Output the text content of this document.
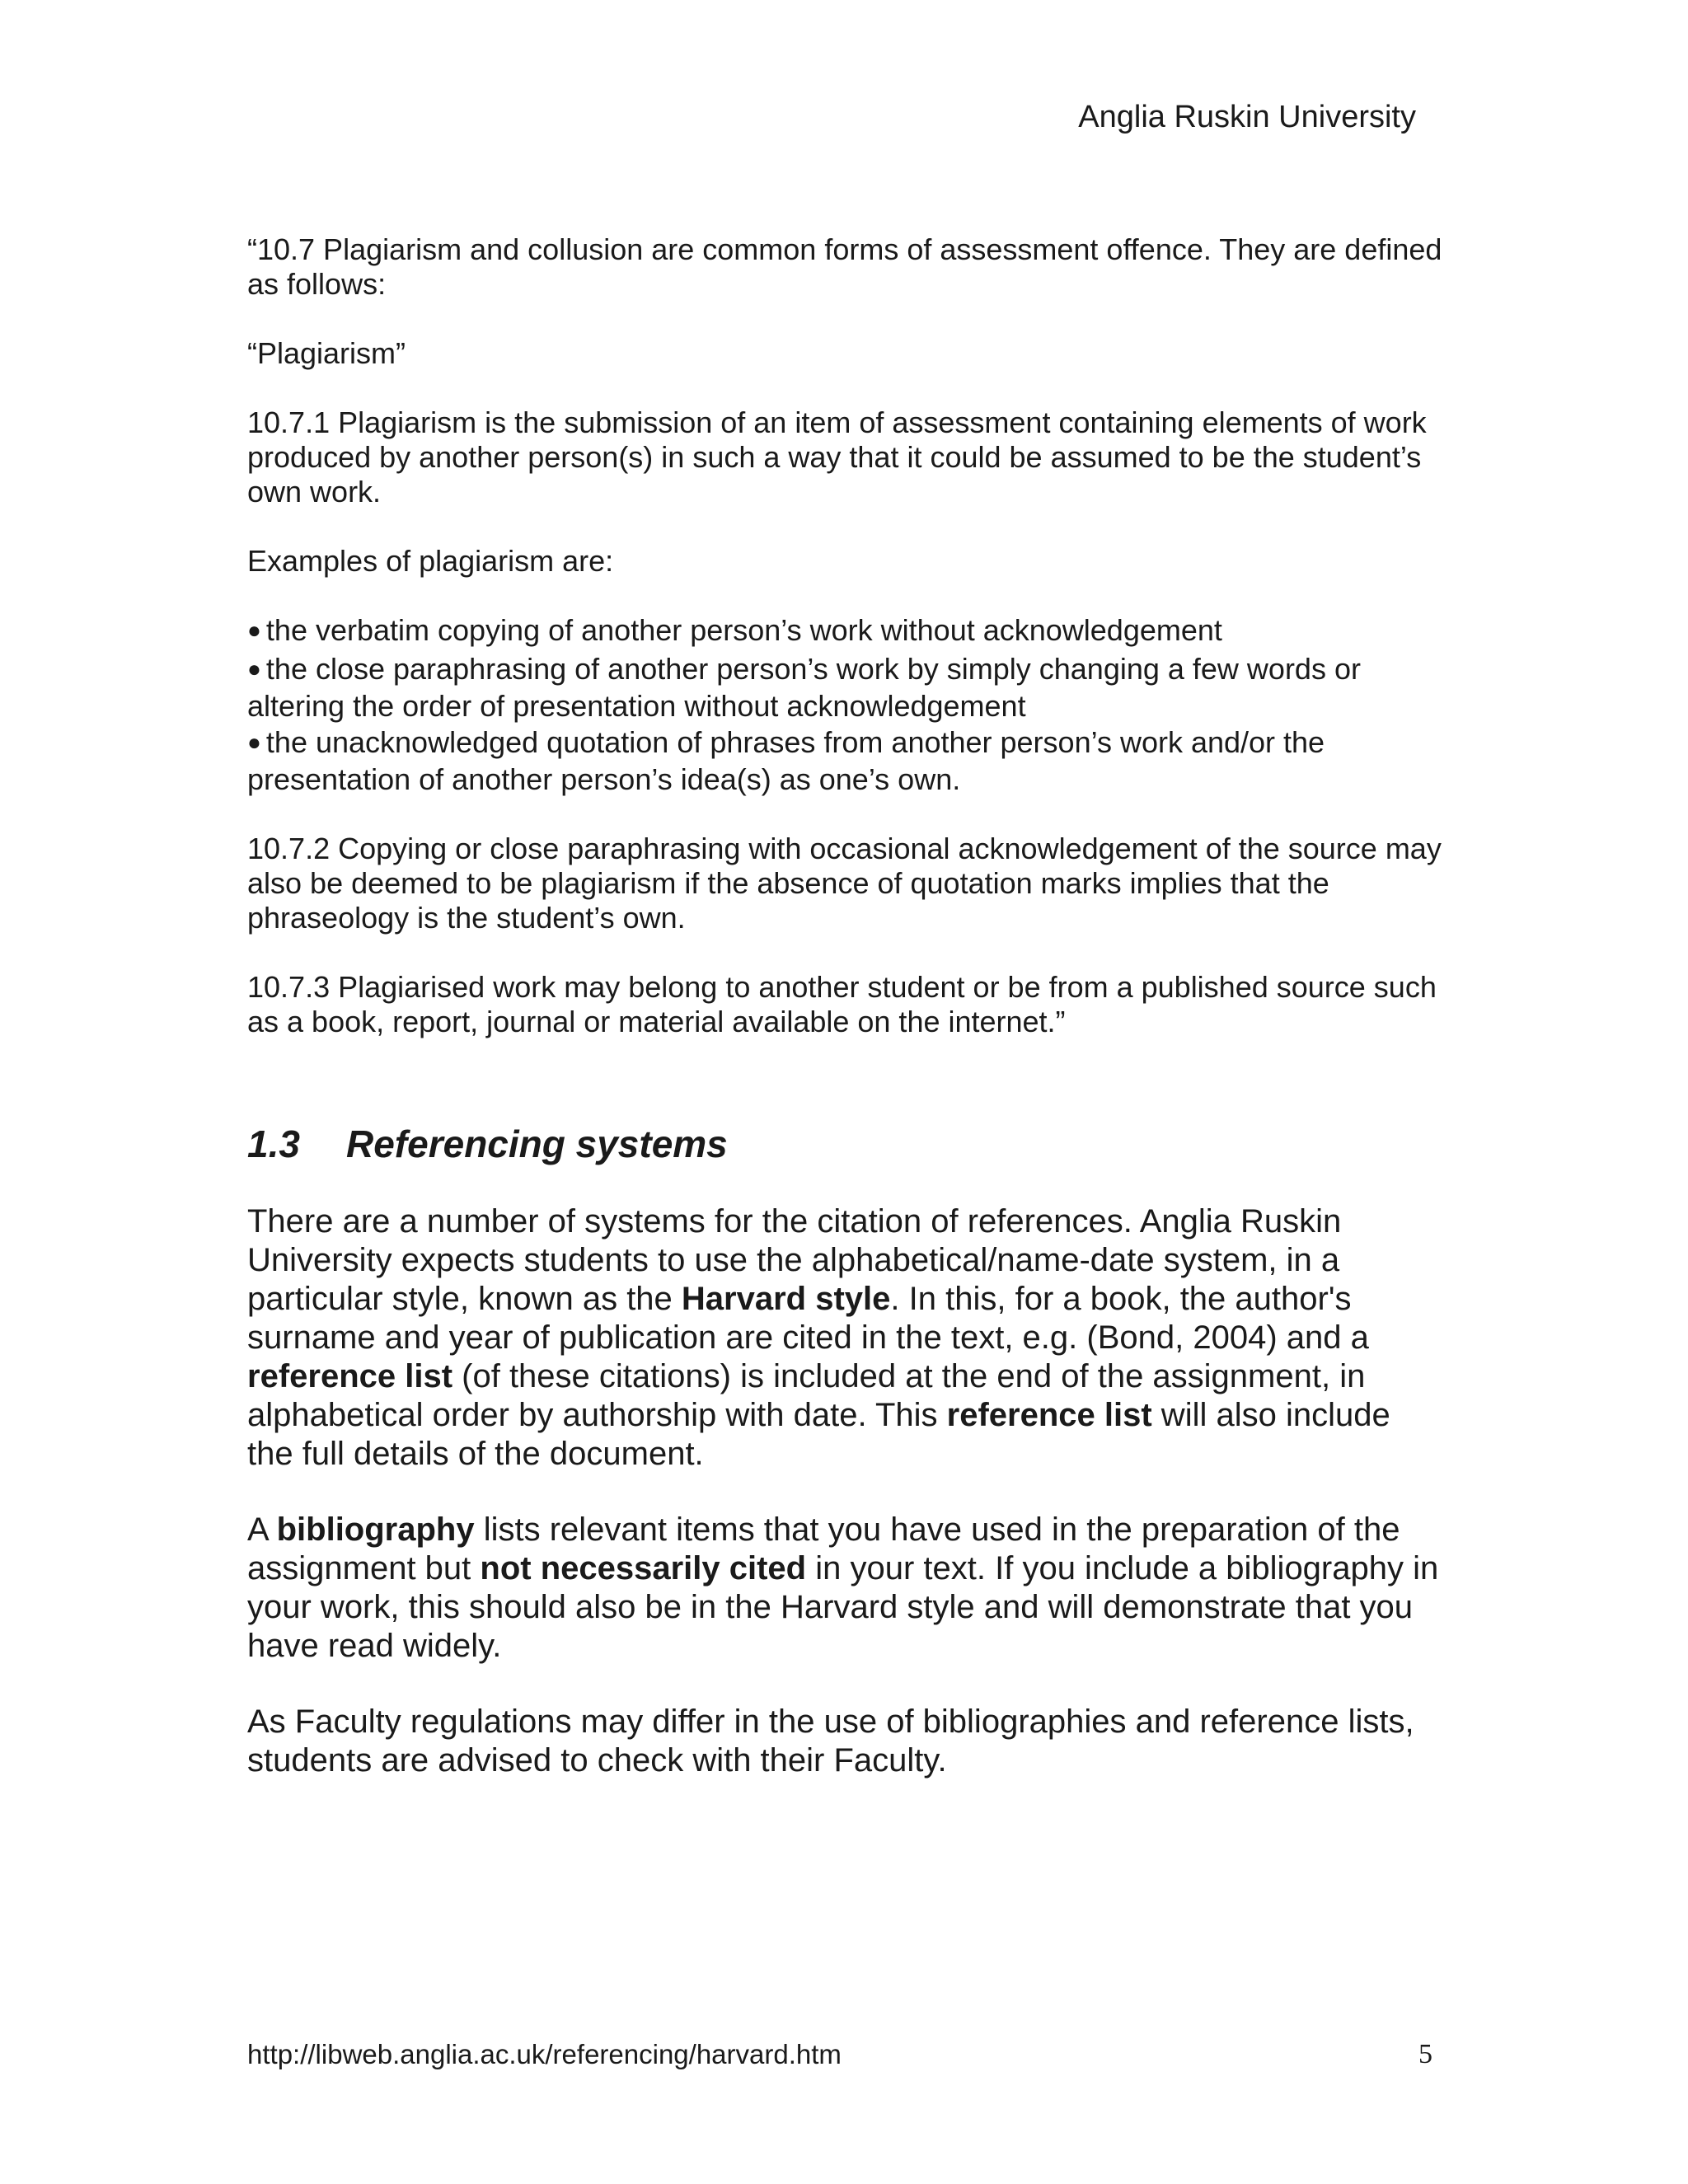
Anglia Ruskin University

“10.7 Plagiarism and collusion are common forms of assessment offence. They are defined as follows:

“Plagiarism”

10.7.1 Plagiarism is the submission of an item of assessment containing elements of work produced by another person(s) in such a way that it could be assumed to be the student’s own work.

Examples of plagiarism are:

● the verbatim copying of another person’s work without acknowledgement
● the close paraphrasing of another person’s work by simply changing a few words or altering the order of presentation without acknowledgement
● the unacknowledged quotation of phrases from another person’s work and/or the presentation of another person’s idea(s) as one’s own.

10.7.2 Copying or close paraphrasing with occasional acknowledgement of the source may also be deemed to be plagiarism if the absence of quotation marks implies that the phraseology is the student’s own.

10.7.3 Plagiarised work may belong to another student or be from a published source such as a book, report, journal or material available on the internet.”

1.3 Referencing systems

There are a number of systems for the citation of references. Anglia Ruskin University expects students to use the alphabetical/name-date system, in a particular style, known as the Harvard style. In this, for a book, the author's surname and year of publication are cited in the text, e.g. (Bond, 2004) and a reference list (of these citations) is included at the end of the assignment, in alphabetical order by authorship with date. This reference list will also include the full details of the document.

A bibliography lists relevant items that you have used in the preparation of the assignment but not necessarily cited in your text. If you include a bibliography in your work, this should also be in the Harvard style and will demonstrate that you have read widely.

As Faculty regulations may differ in the use of bibliographies and reference lists, students are advised to check with their Faculty.

http://libweb.anglia.ac.uk/referencing/harvard.htm	5
